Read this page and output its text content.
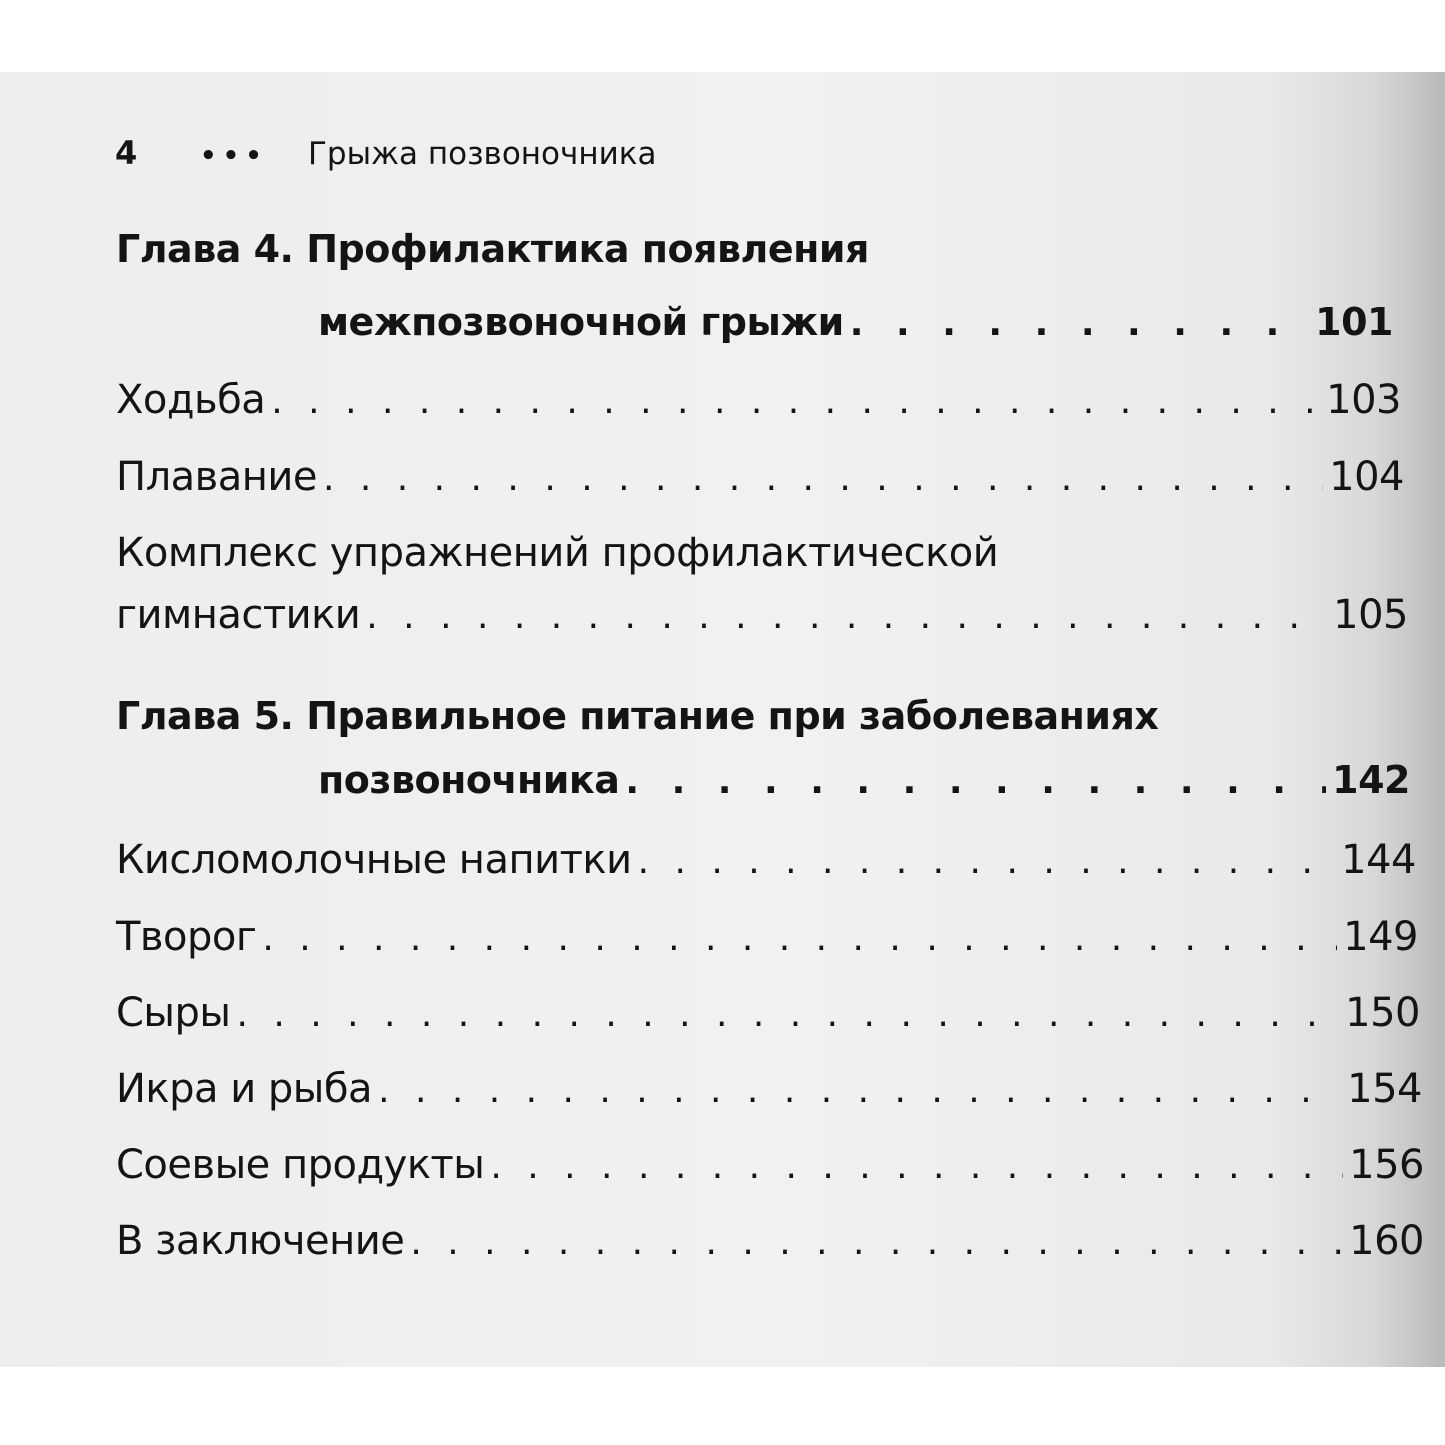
4	•••	Грыжа позвоночника
Глава 4. Профилактика появления
межпозвоночной грыжи . . .	101
Ходьба . . .	103
Плавание . . .	104
Комплекс упражнений профилактической
гимнастики . . .	105
Глава 5. Правильное питание при заболеваниях
позвоночника . . .	142
Кисломолочные напитки . . .	144
Творог . . .	149
Сыры . . .	150
Икра и рыба . . .	154
Соевые продукты . . .	156
В заключение . . .	160
